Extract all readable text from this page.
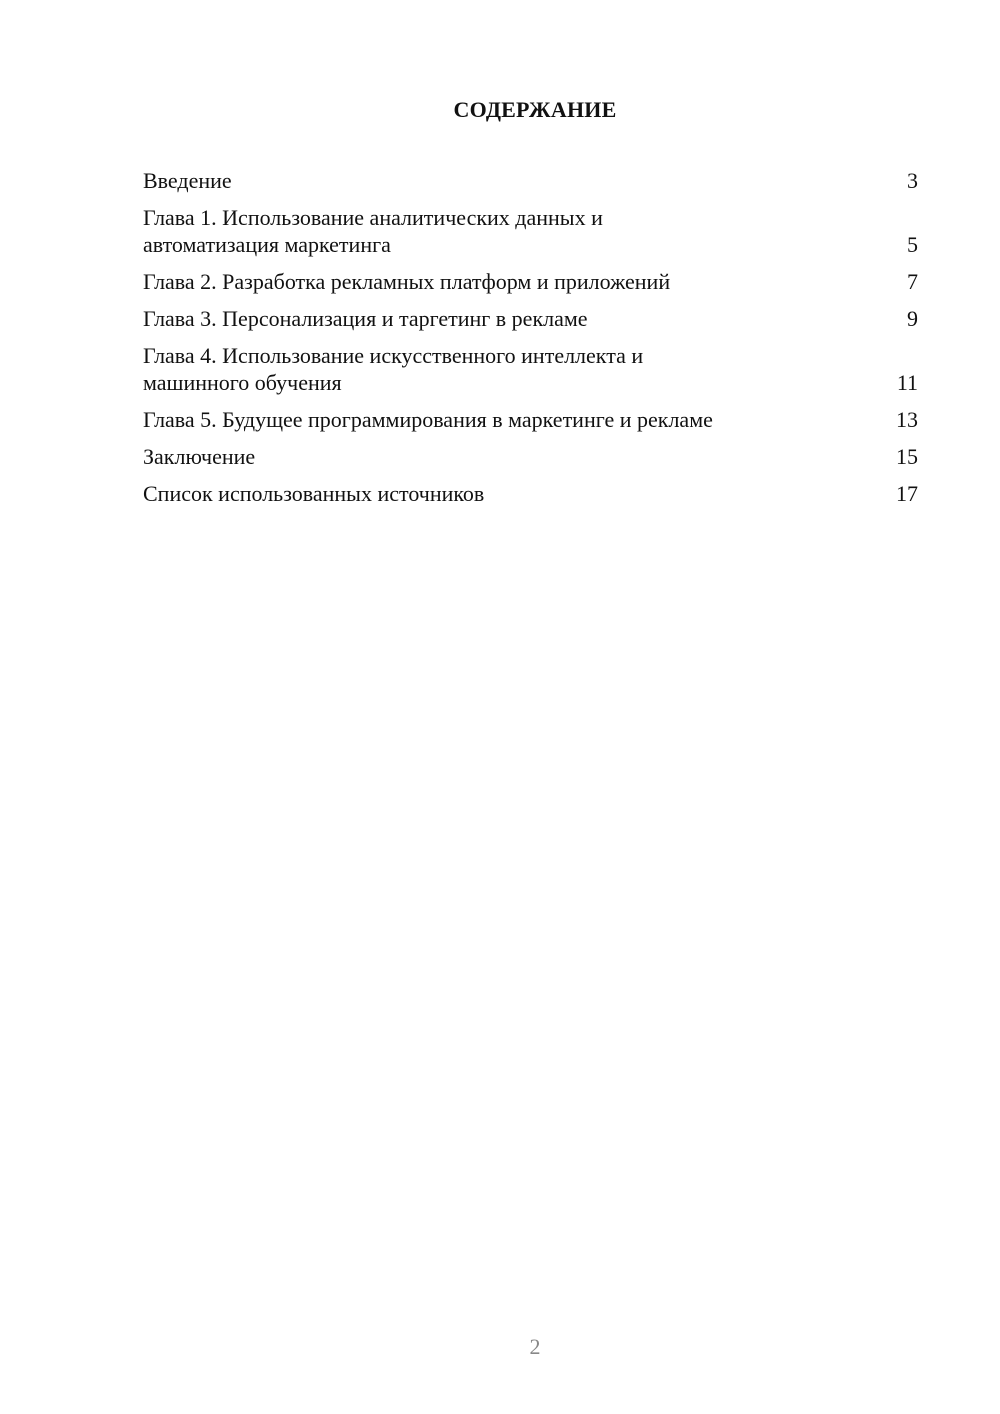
СОДЕРЖАНИЕ
Введение	3
Глава 1. Использование аналитических данных и
автоматизация маркетинга	5
Глава 2. Разработка рекламных платформ и приложений	7
Глава 3. Персонализация и таргетинг в рекламе	9
Глава 4. Использование искусственного интеллекта и
машинного обучения	11
Глава 5. Будущее программирования в маркетинге и рекламе	13
Заключение	15
Список использованных источников	17
2
